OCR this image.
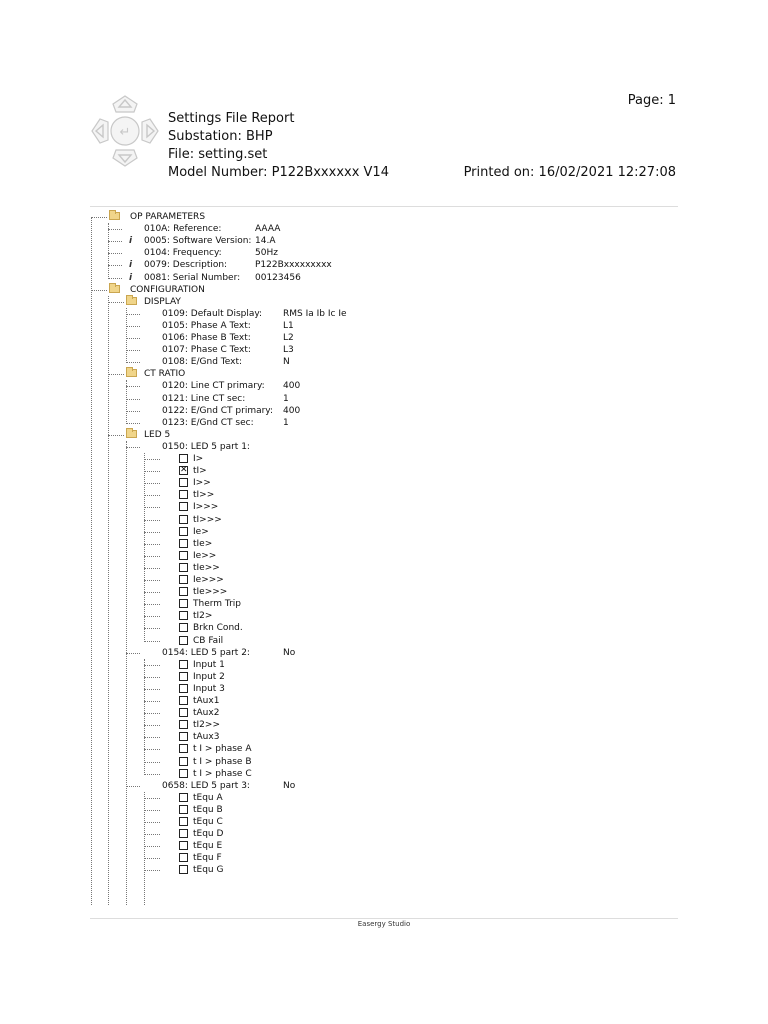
Page: 1
↵
Settings File Report
Substation: BHP
File: setting.set
Model Number: P122Bxxxxxx V14	Printed on: 16/02/2021 12:27:08
OP PARAMETERS
010A: Reference:	AAAA
i	0005: Software Version: 14.A
0104: Frequency:	50Hz
i	0079: Description:	P122Bxxxxxxxxx
i	0081: Serial Number: 00123456
CONFIGURATION
DISPLAY
0109: Default Display: RMS Ia Ib Ic Ie
0105: Phase A Text:	L1
0106: Phase B Text:	L2
0107: Phase C Text:	L3
0108: E/Gnd Text:	N
CT RATIO
0120: Line CT primary: 400
0121: Line CT sec:	1
0122: E/Gnd CT primary: 400
0123: E/Gnd CT sec:	1
LED 5
0150: LED 5 part 1:
I>
✕ tI>
I>>
tI>>
I>>>
tI>>>
Ie>
tIe>
Ie>>
tIe>>
Ie>>>
tIe>>>
Therm Trip
tI2>
Brkn Cond.
CB Fail
0154: LED 5 part 2:	No
Input 1
Input 2
Input 3
tAux1
tAux2
tI2>>
tAux3
t I > phase A
t I > phase B
t I > phase C
0658: LED 5 part 3:	No
tEqu A
tEqu B
tEqu C
tEqu D
tEqu E
tEqu F
tEqu G
Easergy Studio
